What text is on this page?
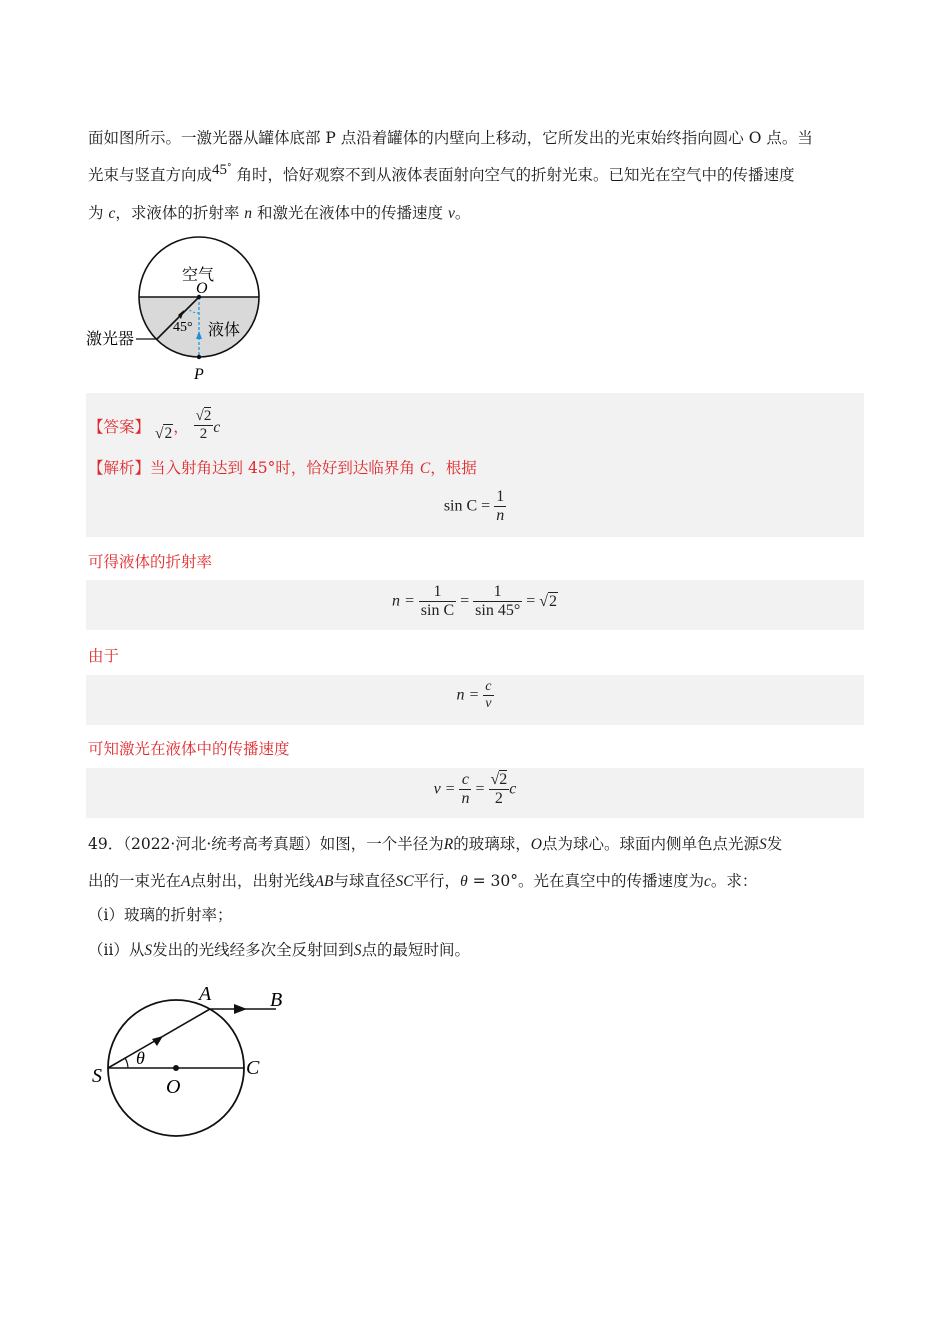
面如图所示。一激光器从罐体底部 P 点沿着罐体的内壁向上移动，它所发出的光束始终指向圆心 O 点。当
光束与竖直方向成45° 角时，恰好观察不到从液体表面射向空气的折射光束。已知光在空气中的传播速度
为 c，求液体的折射率 n 和激光在液体中的传播速度 v。
空气
O
45° 液体
激光器
P
【答案】 √2， $\frac{√2}{2}$ c
【解析】当入射角达到 45°时，恰好到达临界角 C，根据
$\sin C = \frac{1}{n}$
可得液体的折射率
$n = \frac{1}{\text{sin C}} = \frac{1}{\sin 45^\circ} = √2$
由于
$n = \frac{c}{v}$
可知激光在液体中的传播速度
$v = \frac{c}{n} = \frac{√2}{2}$ c
49．（2022·河北·统考高考真题）如图，一个半径为R的玻璃球，O点为球心。球面内侧单色点光源S发
出的一束光在A点射出，出射光线AB与球直径SC平行，θ = 30°。光在真空中的传播速度为c。求：
（i）玻璃的折射率；
（ii）从S发出的光线经多次全反射回到S点的最短时间。
A	B
S	C
O
θ
